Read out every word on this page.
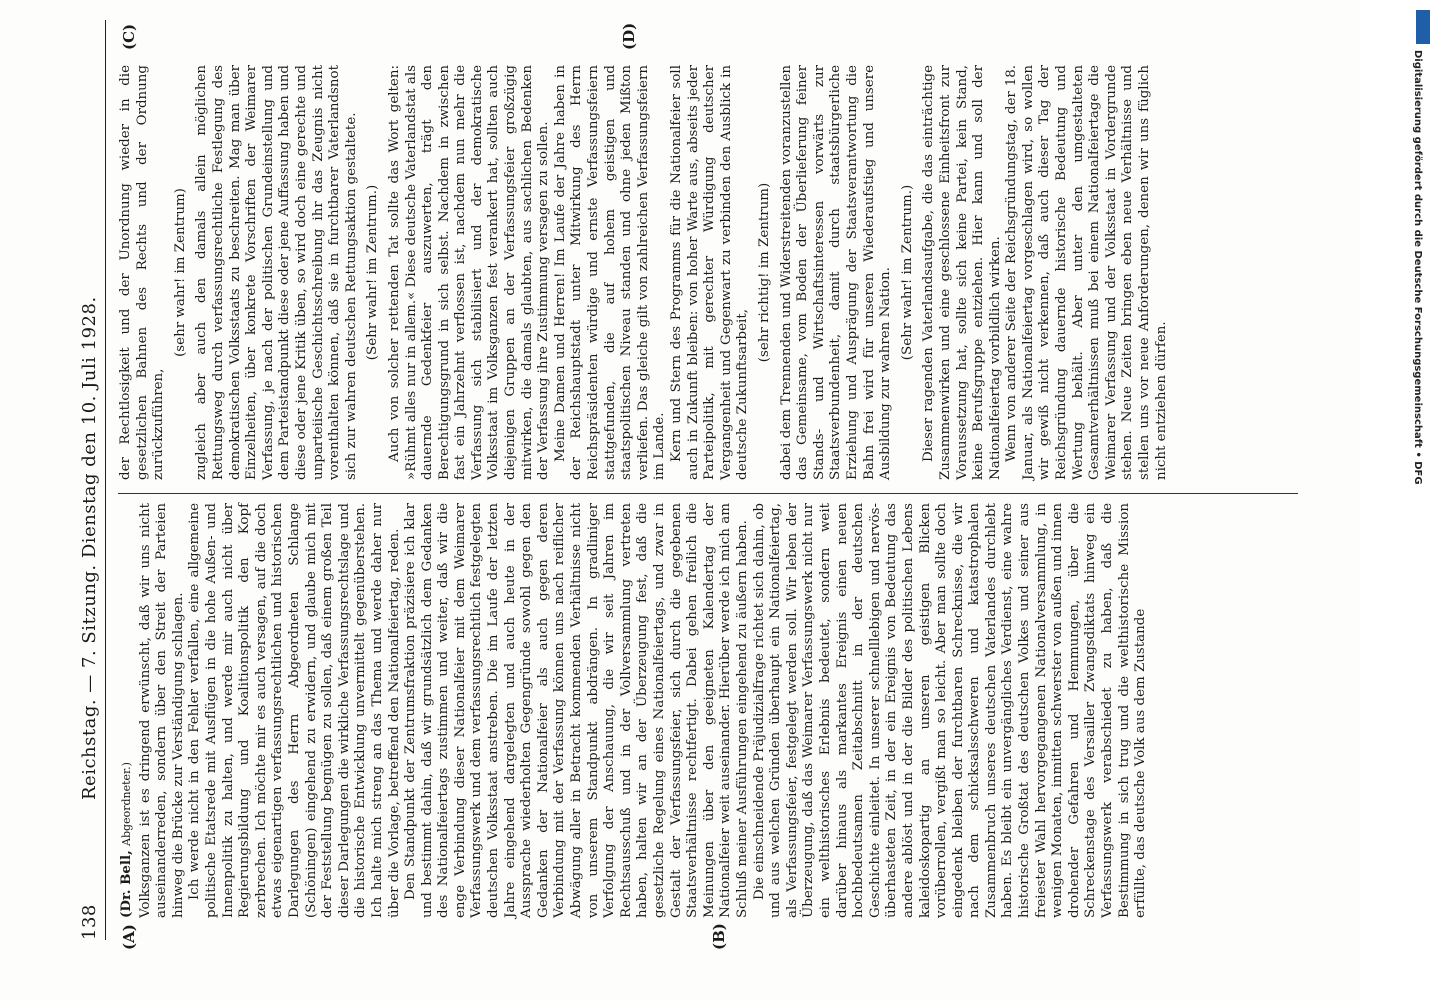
138
Reichstag. — 7. Sitzung. Dienstag den 10. Juli 1928.
(A)	(B)
(C)	(D)

(Dr. Bell, Abgeordneter.) Volksganzen ist es dringend erwünscht, daß wir uns nicht auseinanderreden, sondern über den Streit der Parteien hinweg die Brücke zur Verständigung schlagen. Ich werde nicht in den Fehler verfallen, eine allgemeine politische Etatsrede mit Ausflügen in die hohe Außen- und Innenpolitik zu halten, und werde mir auch nicht über Regierungsbildung und Koalitionspolitik den Kopf zerbrechen. Ich möchte mir es auch versagen, auf die doch etwas eigenartigen verfassungsrechtlichen und historischen Darlegungen des Herrn Abgeordneten Schlange (Schöningen) eingehend zu erwidern, und glaube mich mit der Feststellung begnügen zu sollen, daß einem großen Teil dieser Darlegungen die wirkliche Verfassungsrechtslage und die historische Entwicklung unvermittelt gegenüberstehen. Ich halte mich streng an das Thema und werde daher nur über die Vorlage, betreffend den Nationalfeiertag, reden. Den Standpunkt der Zentrumsfraktion präzisiere ich klar und bestimmt dahin, daß wir grundsätzlich dem Gedanken des Nationalfeiertags zustimmen und weiter, daß wir die enge Verbindung dieser Nationalfeier mit dem Weimarer Verfassungswerk und dem verfassungsrechtlich festgelegten deutschen Volksstaat anstreben. Die im Laufe der letzten Jahre eingehend dargelegten und auch heute in der Aussprache wiederholten Gegengründe sowohl gegen den Gedanken der Nationalfeier als auch gegen deren Verbindung mit der Verfassung können uns nach reiflicher Abwägung aller in Betracht kommenden Verhältnisse nicht von unserem Standpunkt abdrängen. In gradliniger Verfolgung der Anschauung, die wir seit Jahren im Rechtsausschuß und in der Vollversammlung vertreten haben, halten wir an der Überzeugung fest, daß die gesetzliche Regelung eines Nationalfeiertags, und zwar in Gestalt der Verfassungsfeier, sich durch die gegebenen Staatsverhältnisse rechtfertigt. Dabei gehen freilich die Meinungen über den geeigneten Kalendertag der Nationalfeier weit auseinander. Hierüber werde ich mich am Schluß meiner Ausführungen eingehend zu äußern haben. Die einschneidende Präjudizialfrage richtet sich dahin, ob und aus welchen Gründen überhaupt ein Nationalfeiertag, als Verfassungsfeier, festgelegt werden soll. Wir leben der Überzeugung, daß das Weimarer Verfassungswerk nicht nur ein welthistorisches Erlebnis bedeutet, sondern weit darüber hinaus als markantes Ereignis einen neuen hochbedeutsamen Zeitabschnitt in der deutschen Geschichte einleitet. In unserer schnelllebigen und nervös-überhasteten Zeit, in der ein Ereignis von Bedeutung das andere ablöst und in der die Bilder des politischen Lebens kaleidoskopartig an unseren geistigen Blicken vorüberrollen, vergißt man so leicht. Aber man sollte doch eingedenk bleiben der furchtbaren Schrecknisse, die wir nach dem schicksalsschweren und katastrophalen Zusammenbruch unseres deutschen Vaterlandes durchlebt haben. Es bleibt ein unvergängliches Verdienst, eine wahre historische Großtat des deutschen Volkes und seiner aus freiester Wahl hervorgegangenen Nationalversammlung, in wenigen Monaten, inmitten schwerster von außen und innen drohender Gefahren und Hemmungen, über die Schreckenstage des Versailler Zwangsdiktats hinweg ein Verfassungswerk verabschiedet zu haben, daß die Bestimmung in sich trug und die welthistorische Mission erfüllte, das deutsche Volk aus dem Zustande

der Rechtlosigkeit und der Unordnung wieder in die gesetzlichen Bahnen des Rechts und der Ordnung zurückzuführen,

(sehr wahr! im Zentrum) zugleich aber auch den damals allein möglichen Rettungsweg durch verfassungsrechtliche Festlegung des demokratischen Volksstaats zu beschreiten. Mag man über Einzelheiten, über konkrete Vorschriften der Weimarer Verfassung, je nach der politischen Grundeinstellung und dem Parteistandpunkt diese oder jene Auffassung haben und diese oder jene Kritik üben, so wird doch eine gerechte und unparteiische Geschichtsschreibung ihr das Zeugnis nicht vorenthalten können, daß sie in furchtbarer Vaterlandsnot sich zur wahren deutschen Rettungsaktion gestaltete. (Sehr wahr! im Zentrum.) Auch von solcher rettenden Tat sollte das Wort gelten: »Rühmt alles nur in allem.« Diese deutsche Vaterlandstat als dauernde Gedenkfeier auszuwerten, trägt den Berechtigungsgrund in sich selbst. Nachdem in zwischen fast ein Jahrzehnt verflossen ist, nachdem nun mehr die Verfassung sich stabilisiert und der demokratische Volksstaat im Volksganzen fest verankert hat, sollten auch diejenigen Gruppen an der Verfassungsfeier großzügig mitwirken, die damals glaubten, aus sachlichen Bedenken der Verfassung ihre Zustimmung versagen zu sollen. Meine Damen und Herren! Im Laufe der Jahre haben in der Reichshauptstadt unter Mitwirkung des Herrn Reichspräsidenten würdige und ernste Verfassungsfeiern stattgefunden, die auf hohem geistigen und staatspolitischen Niveau standen und ohne jeden Mißton verliefen. Das gleiche gilt von zahlreichen Verfassungsfeiern im Lande. Kern und Stern des Programms für die Nationalfeier soll auch in Zukunft bleiben: von hoher Warte aus, abseits jeder Parteipolitik, mit gerechter Würdigung deutscher Vergangenheit und Gegenwart zu verbinden den Ausblick in deutsche Zukunftsarbeit,

(sehr richtig! im Zentrum) dabei dem Trennenden und Widerstreitenden voranzustellen das Gemeinsame, vom Boden der Überlieferung feiner Stands- und Wirtschaftsinteressen vorwärts zur Staatsverbundenheit, damit durch staatsbürgerliche Erziehung und Ausprägung der Staatsverantwortung die Bahn frei wird für unseren Wiederaufstieg und unsere Ausbildung zur wahren Nation. (Sehr wahr! im Zentrum.) Dieser ragenden Vaterlandsaufgabe, die das einträchtige Zusammenwirken und eine geschlossene Einheitsfront zur Voraussetzung hat, sollte sich keine Partei, kein Stand, keine Berufsgruppe entziehen. Hier kann und soll der Nationalfeiertag vorbildlich wirken. Wenn von anderer Seite der Reichsgründungstag, der 18. Januar, als Nationalfeiertag vorgeschlagen wird, so wollen wir gewiß nicht verkennen, daß auch dieser Tag der Reichsgründung dauernde historische Bedeutung und Wertung behält. Aber unter den umgestalteten Gesamtverhältnissen muß bei einem Nationalfeiertage die Weimarer Verfassung und der Volksstaat in Vordergrunde stehen. Neue Zeiten bringen eben neue Verhältnisse und stellen uns vor neue Anforderungen, denen wir uns füglich nicht entziehen dürfen.	Digitalisierung gefördert durch die Deutsche Forschungsgemeinschaft • DFG
